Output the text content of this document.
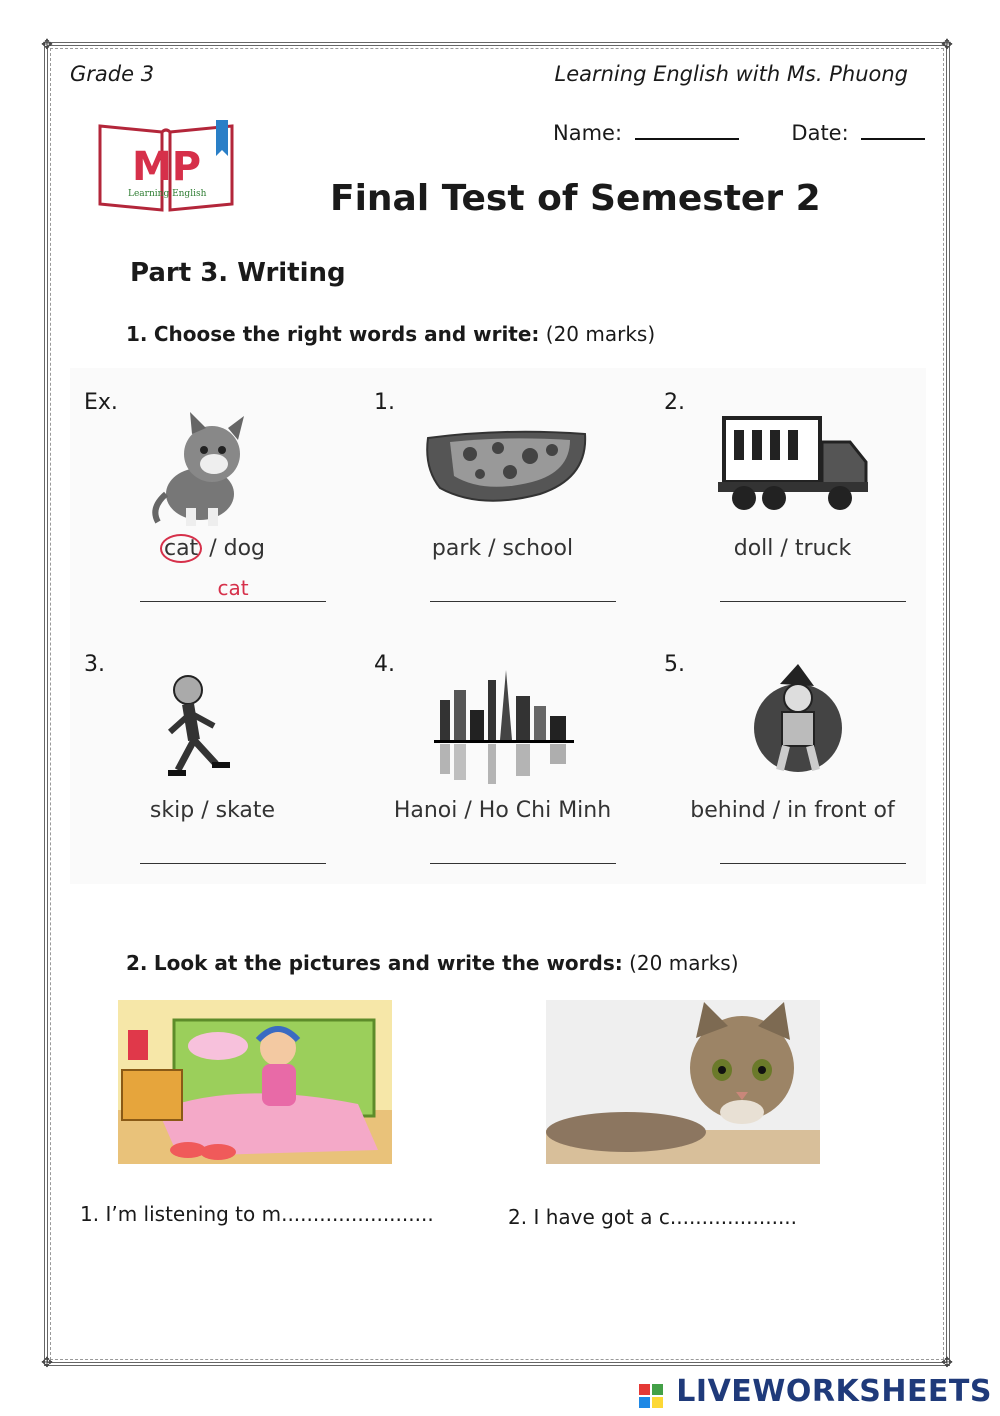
✥	✥
✥	✥
Grade 3	Learning English with Ms. Phuong
Name:	Date:
MP
Learning English	Final Test of Semester 2
Part 3. Writing
1. Choose the right words and write: (20 marks)
Ex.
cat / dog
cat
1.
park / school
2.
doll / truck
3.
skip / skate
4.
Hanoi / Ho Chi Minh
5.
behind / in front of
2. Look at the pictures and write the words: (20 marks)
1. I’m listening to m........................	2. I have got a c....................
LIVEWORKSHEETS
